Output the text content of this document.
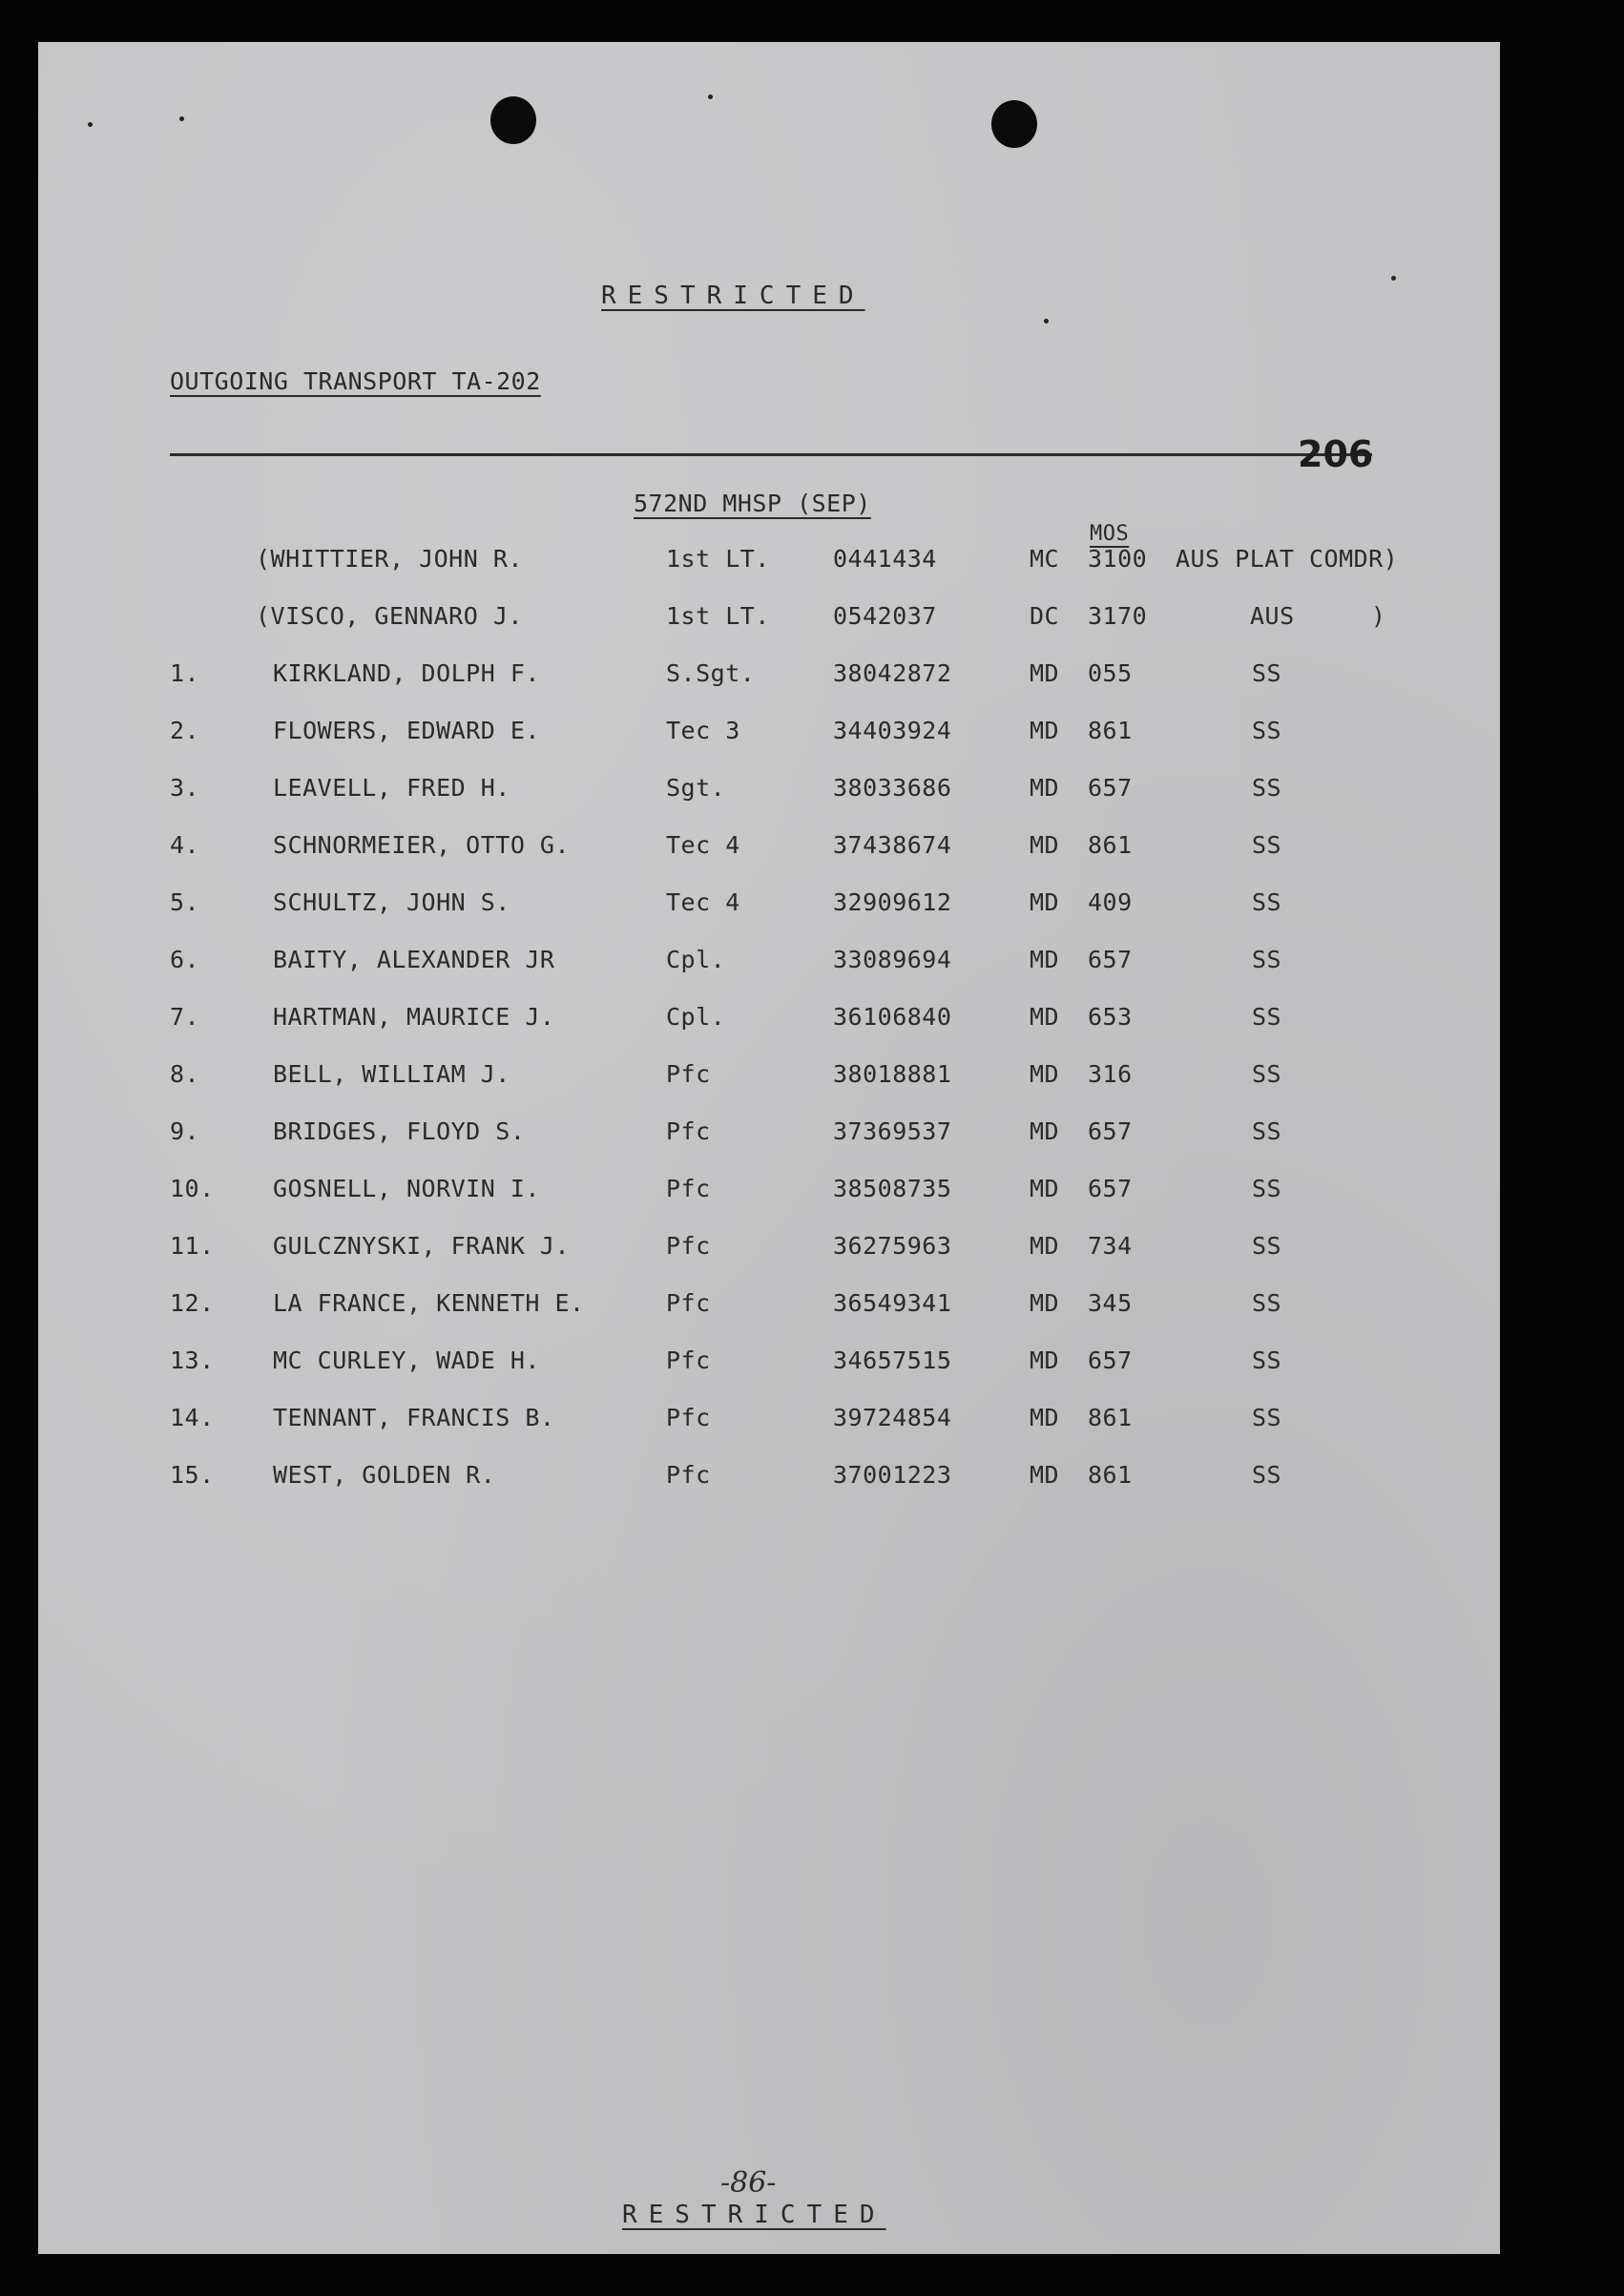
RESTRICTED
OUTGOING TRANSPORT TA-202
206
572ND MHSP (SEP)
MOS
(WHITTIER, JOHN R.	1st LT.	0441434	MC 3100 AUS PLAT COMDR)
(VISCO, GENNARO J.	1st LT.	0542037	DC 3170	AUS	)
1.	KIRKLAND, DOLPH F.	S.Sgt.	38042872	MD 055	SS
2.	FLOWERS, EDWARD E.	Tec 3	34403924	MD 861	SS
3.	LEAVELL, FRED H.	Sgt.	38033686	MD 657	SS
4.	SCHNORMEIER, OTTO G.	Tec 4	37438674	MD 861	SS
5.	SCHULTZ, JOHN S.	Tec 4	32909612	MD 409	SS
6.	BAITY, ALEXANDER JR	Cpl.	33089694	MD 657	SS
7.	HARTMAN, MAURICE J.	Cpl.	36106840	MD 653	SS
8.	BELL, WILLIAM J.	Pfc	38018881	MD 316	SS
9.	BRIDGES, FLOYD S.	Pfc	37369537	MD 657	SS
10. GOSNELL, NORVIN I.	Pfc	38508735	MD 657	SS
11. GULCZNYSKI, FRANK J.	Pfc	36275963	MD 734	SS
12. LA FRANCE, KENNETH E.	Pfc	36549341	MD 345	SS
13. MC CURLEY, WADE H.	Pfc	34657515	MD 657	SS
14. TENNANT, FRANCIS B.	Pfc	39724854	MD 861	SS
15. WEST, GOLDEN R.	Pfc	37001223	MD 861	SS
-86-
RESTRICTED
